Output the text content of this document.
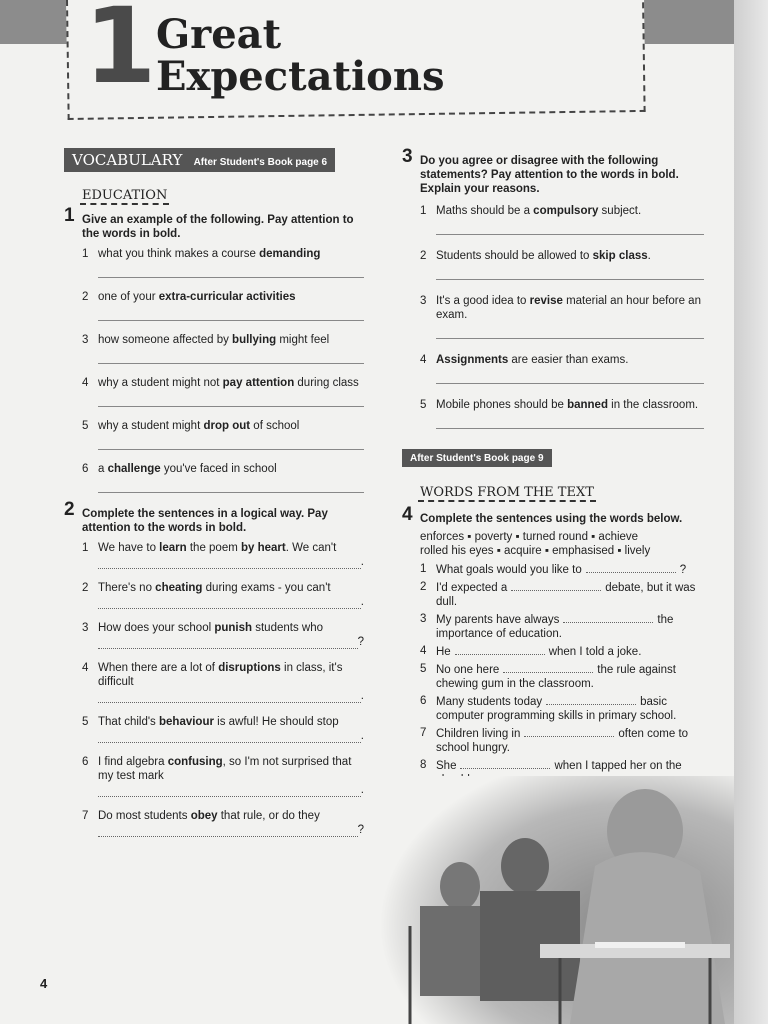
1 Great
Expectations
VOCABULARY After Student's Book page 6
EDUCATION
1 Give an example of the following. Pay attention to the words in bold.
1 what you think makes a course demanding
2 one of your extra-curricular activities
3 how someone affected by bullying might feel
4 why a student might not pay attention during class
5 why a student might drop out of school
6 a challenge you've faced in school
2 Complete the sentences in a logical way. Pay attention to the words in bold.
1 We have to learn the poem by heart. We can't
.
2 There's no cheating during exams - you can't
.
3 How does your school punish students who
?
4 When there are a lot of disruptions in class, it's difficult
.
5 That child's behaviour is awful! He should stop
.
6 I find algebra confusing, so I'm not surprised that my test mark
.
7 Do most students obey that rule, or do they
?
3 Do you agree or disagree with the following statements? Pay attention to the words in bold. Explain your reasons.
1 Maths should be a compulsory subject.
2 Students should be allowed to skip class.
3 It's a good idea to revise material an hour before an exam.
4 Assignments are easier than exams.
5 Mobile phones should be banned in the classroom.
After Student's Book page 9
WORDS FROM THE TEXT
4 Complete the sentences using the words below.
enforces ▪ poverty ▪ turned round ▪ achieve
rolled his eyes ▪ acquire ▪ emphasised ▪ lively
1 What goals would you like to	?
2 I'd expected a	debate, but it was dull.
3 My parents have always	the importance of education.
4 He	when I told a joke.
5 No one here	the rule against chewing gum in the classroom.
6 Many students today	basic computer programming skills in primary school.
7 Children living in	often come to school hungry.
8 She	when I tapped her on the
4
